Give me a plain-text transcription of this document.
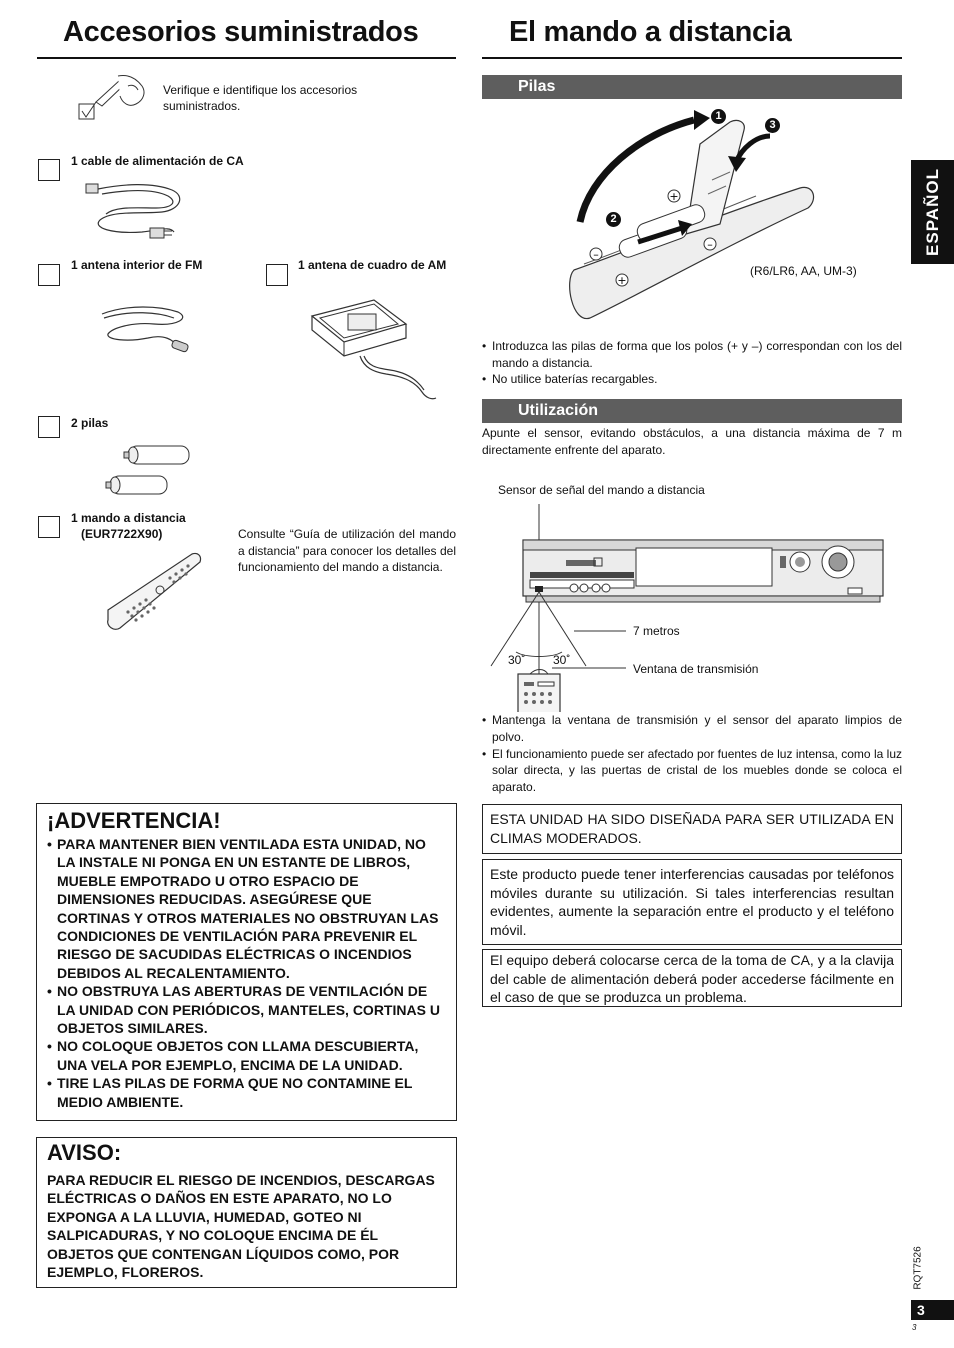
Accesorios suministrados
Verifique e identifique los accesorios suministrados.
1 cable de alimentación de CA
1 antena interior de FM	1 antena de cuadro de AM
2 pilas
1 mando a distancia
(EUR7722X90)	Consulte “Guía de utilización del mando a distancia” para conocer los detalles del funcionamiento del mando a distancia.
El mando a distancia
Pilas
+
–
–
+
1
3
2
(R6/LR6, AA, UM-3)
• Introduzca las pilas de forma que los polos (+ y –) correspondan con los del mando a distancia.
• No utilice baterías recargables.
Utilización
Apunte el sensor, evitando obstáculos, a una distancia máxima de 7 m directamente enfrente del aparato.
Sensor de señal del mando a distancia
7 metros
30˚ 30˚
Ventana de transmisión
• Mantenga la ventana de transmisión y el sensor del aparato limpios de polvo.
• El funcionamiento puede ser afectado por fuentes de luz intensa, como la luz solar directa, y las puertas de cristal de los muebles donde se coloca el aparato.
ESTA UNIDAD HA SIDO DISEÑADA PARA SER UTILIZADA EN CLIMAS MODERADOS.
Este producto puede tener interferencias causadas por teléfonos móviles durante su utilización. Si tales interferencias resultan evidentes, aumente la separación entre el producto y el teléfono móvil.
El equipo deberá colocarse cerca de la toma de CA, y a la clavija del cable de alimentación deberá poder accederse fácilmente en el caso de que se produzca un problema.
¡ADVERTENCIA!
• PARA MANTENER BIEN VENTILADA ESTA UNIDAD, NO LA INSTALE NI PONGA EN UN ESTANTE DE LIBROS, MUEBLE EMPOTRADO U OTRO ESPACIO DE DIMENSIONES REDUCIDAS. ASEGÚRESE QUE CORTINAS Y OTROS MATERIALES NO OBSTRUYAN LAS CONDICIONES DE VENTILACIÓN PARA PREVENIR EL RIESGO DE SACUDIDAS ELÉCTRICAS O INCENDIOS DEBIDOS AL RECALENTAMIENTO.
• NO OBSTRUYA LAS ABERTURAS DE VENTILACIÓN DE LA UNIDAD CON PERIÓDICOS, MANTELES, CORTINAS U OBJETOS SIMILARES.
• NO COLOQUE OBJETOS CON LLAMA DESCUBIERTA, UNA VELA POR EJEMPLO, ENCIMA DE LA UNIDAD.
• TIRE LAS PILAS DE FORMA QUE NO CONTAMINE EL MEDIO AMBIENTE.
AVISO:
PARA REDUCIR EL RIESGO DE INCENDIOS, DESCARGAS ELÉCTRICAS O DAÑOS EN ESTE APARATO, NO LO EXPONGA A LA LLUVIA, HUMEDAD, GOTEO NI SALPICADURAS, Y NO COLOQUE ENCIMA DE ÉL OBJETOS QUE CONTENGAN LÍQUIDOS COMO, POR EJEMPLO, FLOREROS.
ESPAÑOL
RQT7526
3
3
